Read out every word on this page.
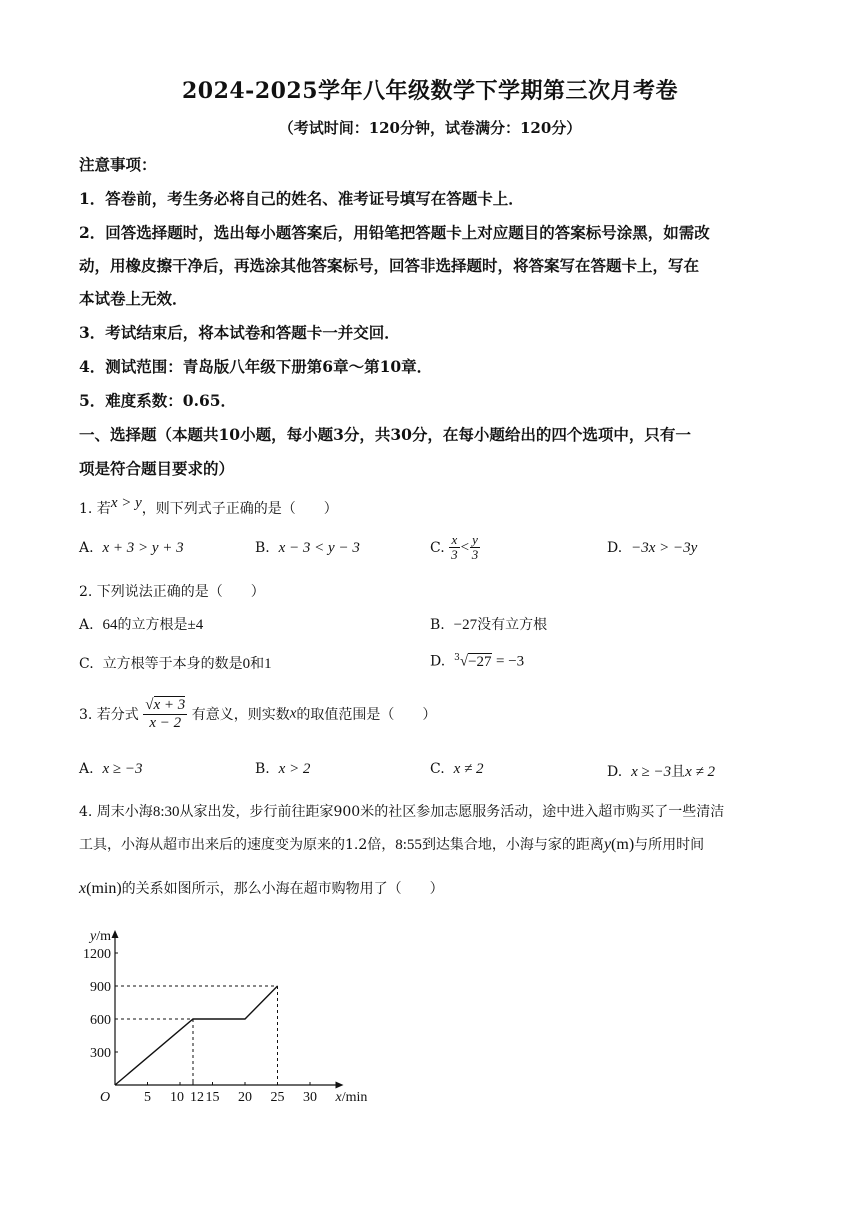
2024-2025学年八年级数学下学期第三次月考卷
（考试时间：120分钟，试卷满分：120分）
注意事项：
1．答卷前，考生务必将自己的姓名、准考证号填写在答题卡上．
2．回答选择题时，选出每小题答案后，用铅笔把答题卡上对应题目的答案标号涂黑，如需改
动，用橡皮擦干净后，再选涂其他答案标号，回答非选择题时，将答案写在答题卡上，写在
本试卷上无效．
3．考试结束后，将本试卷和答题卡一并交回．
4．测试范围：青岛版八年级下册第6章～第10章．
5．难度系数：0.65．
一、选择题（本题共10小题，每小题3分，共30分，在每小题给出的四个选项中，只有一
项是符合题目要求的）
1. 若x > y，则下列式子正确的是（　　）
A. x + 3 > y + 3	B. x − 3 < y − 3	C. $\frac{x}{3} < \frac{y}{3}$	D. −3x > −3y
2. 下列说法正确的是（　　）
A. 64的立方根是±4	B. −27没有立方根
C. 立方根等于本身的数是0和1	D. $^3$√−27 = −3
3. 若分式 $\frac{√x + 3}{x - 2}$ 有意义，则实数x的取值范围是（　　）
A. x ≥ −3	B. x > 2	C. x ≠ 2	D. x ≥ −3且x ≠ 2
4. 周末小海8:30从家出发，步行前往距家900米的社区参加志愿服务活动，途中进入超市购买了一些清洁
工具，小海从超市出来后的速度变为原来的1.2倍，8:55到达集合地，小海与家的距离y(m)与所用时间
x(min)的关系如图所示，那么小海在超市购物用了（　　）
y/m
x/min
O
300
600
900
1200
5 10 12 15 20 25 30
